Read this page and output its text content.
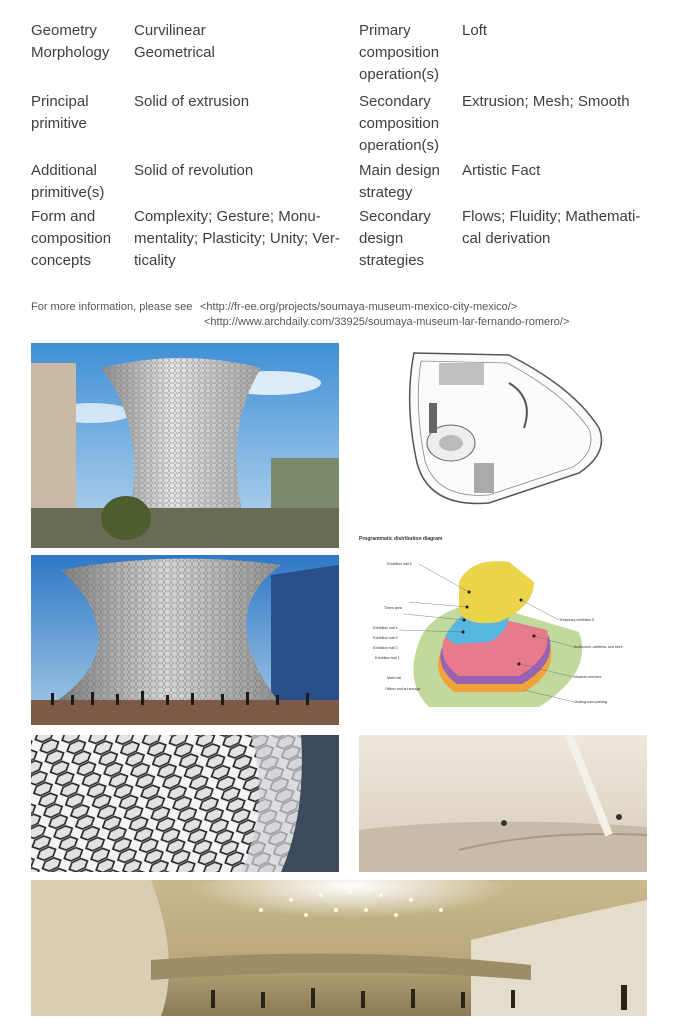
Geometry
Morphology
Curvilinear
Geometrical
Primary
composition
operation(s)
Loft
Principal
primitive
Solid of extrusion	Secondary
composition
operation(s)
Extrusion; Mesh; Smooth
Additional
primitive(s)
Solid of revolution	Main design
strategy
Artistic Fact
Form and
composition
concepts
Complexity; Gesture; Monu-
mentality; Plasticity; Unity; Ver-
ticality
Secondary
design
strategies
Flows; Fluidity; Mathemati-
cal derivation
For more information, please see <http://fr-ee.org/projects/soumaya-museum-mexico-city-mexico/>
<http://www.archdaily.com/33925/soumaya-museum-lar-fernando-romero/>
Programmatic distribution diagram
Exhibition hall 6
Torres area
Exhibition hall 4
Exhibition hall 3
Exhibition hall 2
Exhibition hall 1
Main hall
Offices and art storage
Temporary exhibition 5
Auditorium, cafeteria, and store
Museum services
Underground parking
